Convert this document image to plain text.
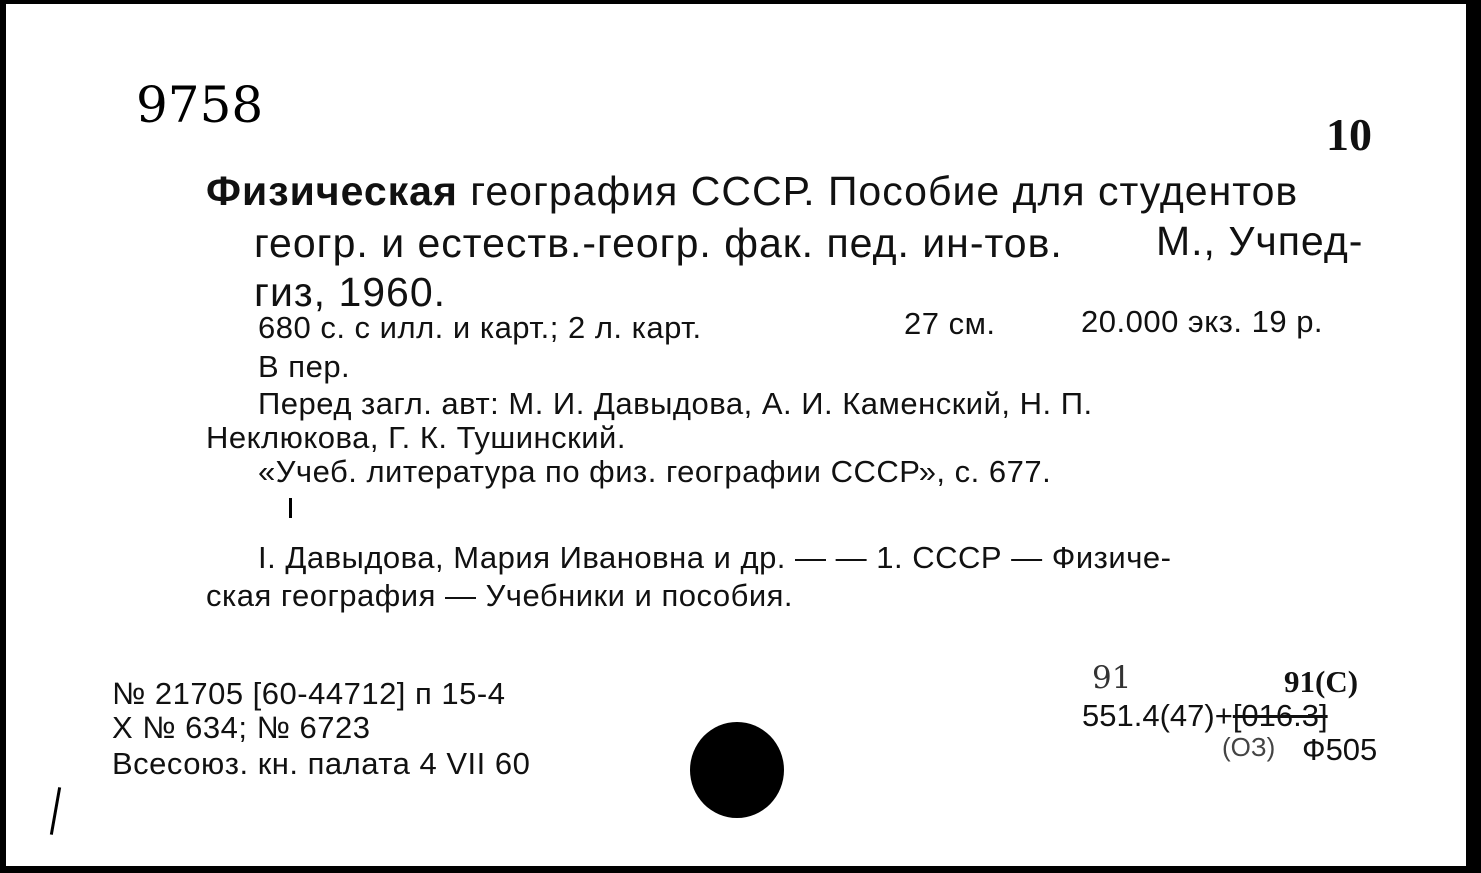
9758
10
Физическая география СССР. Пособие для студентов
геогр. и естеств.-геогр. фак. пед. ин-тов. М., Учпед-
гиз, 1960.
680 с. с илл. и карт.; 2 л. карт.	27 см.	20.000 экз. 19 р.
В пер.
Перед загл. авт: М. И. Давыдова, А. И. Каменский, Н. П.
Неклюкова, Г. К. Тушинский.
«Учеб. литература по физ. географии СССР», с. 677.
I. Давыдова, Мария Ивановна и др. — — 1. СССР — Физиче-
ская география — Учебники и пособия.
№ 21705 [60-44712] п 15-4
X № 634; № 6723
Всесоюз. кн. палата 4 VII 60
91	91(С)
551.4(47)+[016.3]
(ОЗ) Ф505
